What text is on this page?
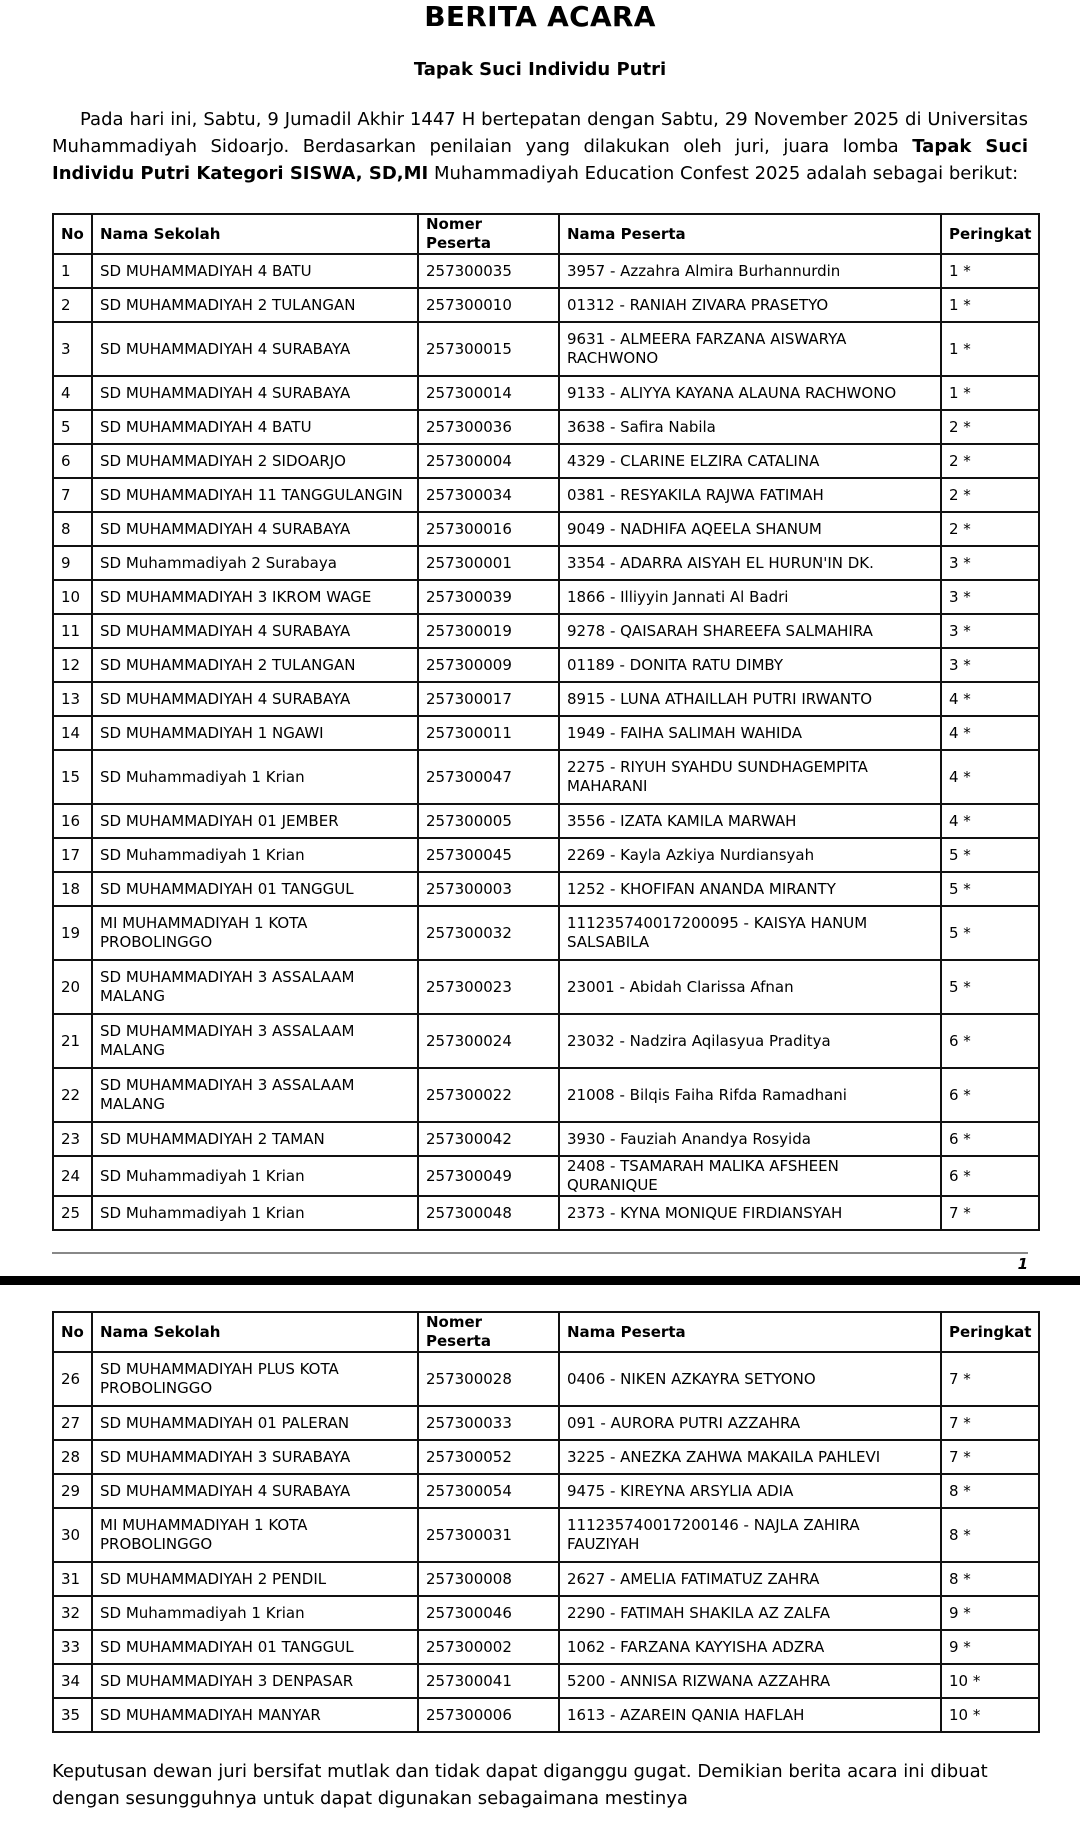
BERITA ACARA
Tapak Suci Individu Putri

Pada hari ini, Sabtu, 9 Jumadil Akhir 1447 H bertepatan dengan Sabtu, 29 November 2025 di Universitas Muhammadiyah Sidoarjo. Berdasarkan penilaian yang dilakukan oleh juri, juara lomba Tapak Suci Individu Putri Kategori SISWA, SD,MI Muhammadiyah Education Confest 2025 adalah sebagai berikut:

No	Nama Sekolah	Nomer Peserta	Nama Peserta	Peringkat
1	SD MUHAMMADIYAH 4 BATU	257300035	3957 - Azzahra Almira Burhannurdin	1 *
2	SD MUHAMMADIYAH 2 TULANGAN	257300010	01312 - RANIAH ZIVARA PRASETYO	1 *
3	SD MUHAMMADIYAH 4 SURABAYA	257300015	9631 - ALMEERA FARZANA AISWARYA RACHWONO	1 *
4	SD MUHAMMADIYAH 4 SURABAYA	257300014	9133 - ALIYYA KAYANA ALAUNA RACHWONO	1 *
5	SD MUHAMMADIYAH 4 BATU	257300036	3638 - Safira Nabila	2 *
6	SD MUHAMMADIYAH 2 SIDOARJO	257300004	4329 - CLARINE ELZIRA CATALINA	2 *
7	SD MUHAMMADIYAH 11 TANGGULANGIN	257300034	0381 - RESYAKILA RAJWA FATIMAH	2 *
8	SD MUHAMMADIYAH 4 SURABAYA	257300016	9049 - NADHIFA AQEELA SHANUM	2 *
9	SD Muhammadiyah 2 Surabaya	257300001	3354 - ADARRA AISYAH EL HURUN'IN DK.	3 *
10	SD MUHAMMADIYAH 3 IKROM WAGE	257300039	1866 - Illiyyin Jannati Al Badri	3 *
11	SD MUHAMMADIYAH 4 SURABAYA	257300019	9278 - QAISARAH SHAREEFA SALMAHIRA	3 *
12	SD MUHAMMADIYAH 2 TULANGAN	257300009	01189 - DONITA RATU DIMBY	3 *
13	SD MUHAMMADIYAH 4 SURABAYA	257300017	8915 - LUNA ATHAILLAH PUTRI IRWANTO	4 *
14	SD MUHAMMADIYAH 1 NGAWI	257300011	1949 - FAIHA SALIMAH WAHIDA	4 *
15	SD Muhammadiyah 1 Krian	257300047	2275 - RIYUH SYAHDU SUNDHAGEMPITA MAHARANI	4 *
16	SD MUHAMMADIYAH 01 JEMBER	257300005	3556 - IZATA KAMILA MARWAH	4 *
17	SD Muhammadiyah 1 Krian	257300045	2269 - Kayla Azkiya Nurdiansyah	5 *
18	SD MUHAMMADIYAH 01 TANGGUL	257300003	1252 - KHOFIFAN ANANDA MIRANTY	5 *
19	MI MUHAMMADIYAH 1 KOTA PROBOLINGGO	257300032	111235740017200095 - KAISYA HANUM SALSABILA	5 *
20	SD MUHAMMADIYAH 3 ASSALAAM MALANG	257300023	23001 - Abidah Clarissa Afnan	5 *
21	SD MUHAMMADIYAH 3 ASSALAAM MALANG	257300024	23032 - Nadzira Aqilasyua Praditya	6 *
22	SD MUHAMMADIYAH 3 ASSALAAM MALANG	257300022	21008 - Bilqis Faiha Rifda Ramadhani	6 *
23	SD MUHAMMADIYAH 2 TAMAN	257300042	3930 - Fauziah Anandya Rosyida	6 *
24	SD Muhammadiyah 1 Krian	257300049	2408 - TSAMARAH MALIKA AFSHEEN QURANIQUE	6 *
25	SD Muhammadiyah 1 Krian	257300048	2373 - KYNA MONIQUE FIRDIANSYAH	7 *
1
No	Nama Sekolah	Nomer Peserta	Nama Peserta	Peringkat
26	SD MUHAMMADIYAH PLUS KOTA PROBOLINGGO	257300028	0406 - NIKEN AZKAYRA SETYONO	7 *
27	SD MUHAMMADIYAH 01 PALERAN	257300033	091 - AURORA PUTRI AZZAHRA	7 *
28	SD MUHAMMADIYAH 3 SURABAYA	257300052	3225 - ANEZKA ZAHWA MAKAILA PAHLEVI	7 *
29	SD MUHAMMADIYAH 4 SURABAYA	257300054	9475 - KIREYNA ARSYLIA ADIA	8 *
30	MI MUHAMMADIYAH 1 KOTA PROBOLINGGO	257300031	111235740017200146 - NAJLA ZAHIRA FAUZIYAH	8 *
31	SD MUHAMMADIYAH 2 PENDIL	257300008	2627 - AMELIA FATIMATUZ ZAHRA	8 *
32	SD Muhammadiyah 1 Krian	257300046	2290 - FATIMAH SHAKILA AZ ZALFA	9 *
33	SD MUHAMMADIYAH 01 TANGGUL	257300002	1062 - FARZANA KAYYISHA ADZRA	9 *
34	SD MUHAMMADIYAH 3 DENPASAR	257300041	5200 - ANNISA RIZWANA AZZAHRA	10 *
35	SD MUHAMMADIYAH MANYAR	257300006	1613 - AZAREIN QANIA HAFLAH	10 *

Keputusan dewan juri bersifat mutlak dan tidak dapat diganggu gugat. Demikian berita acara ini dibuat dengan sesungguhnya untuk dapat digunakan sebagaimana mestinya
